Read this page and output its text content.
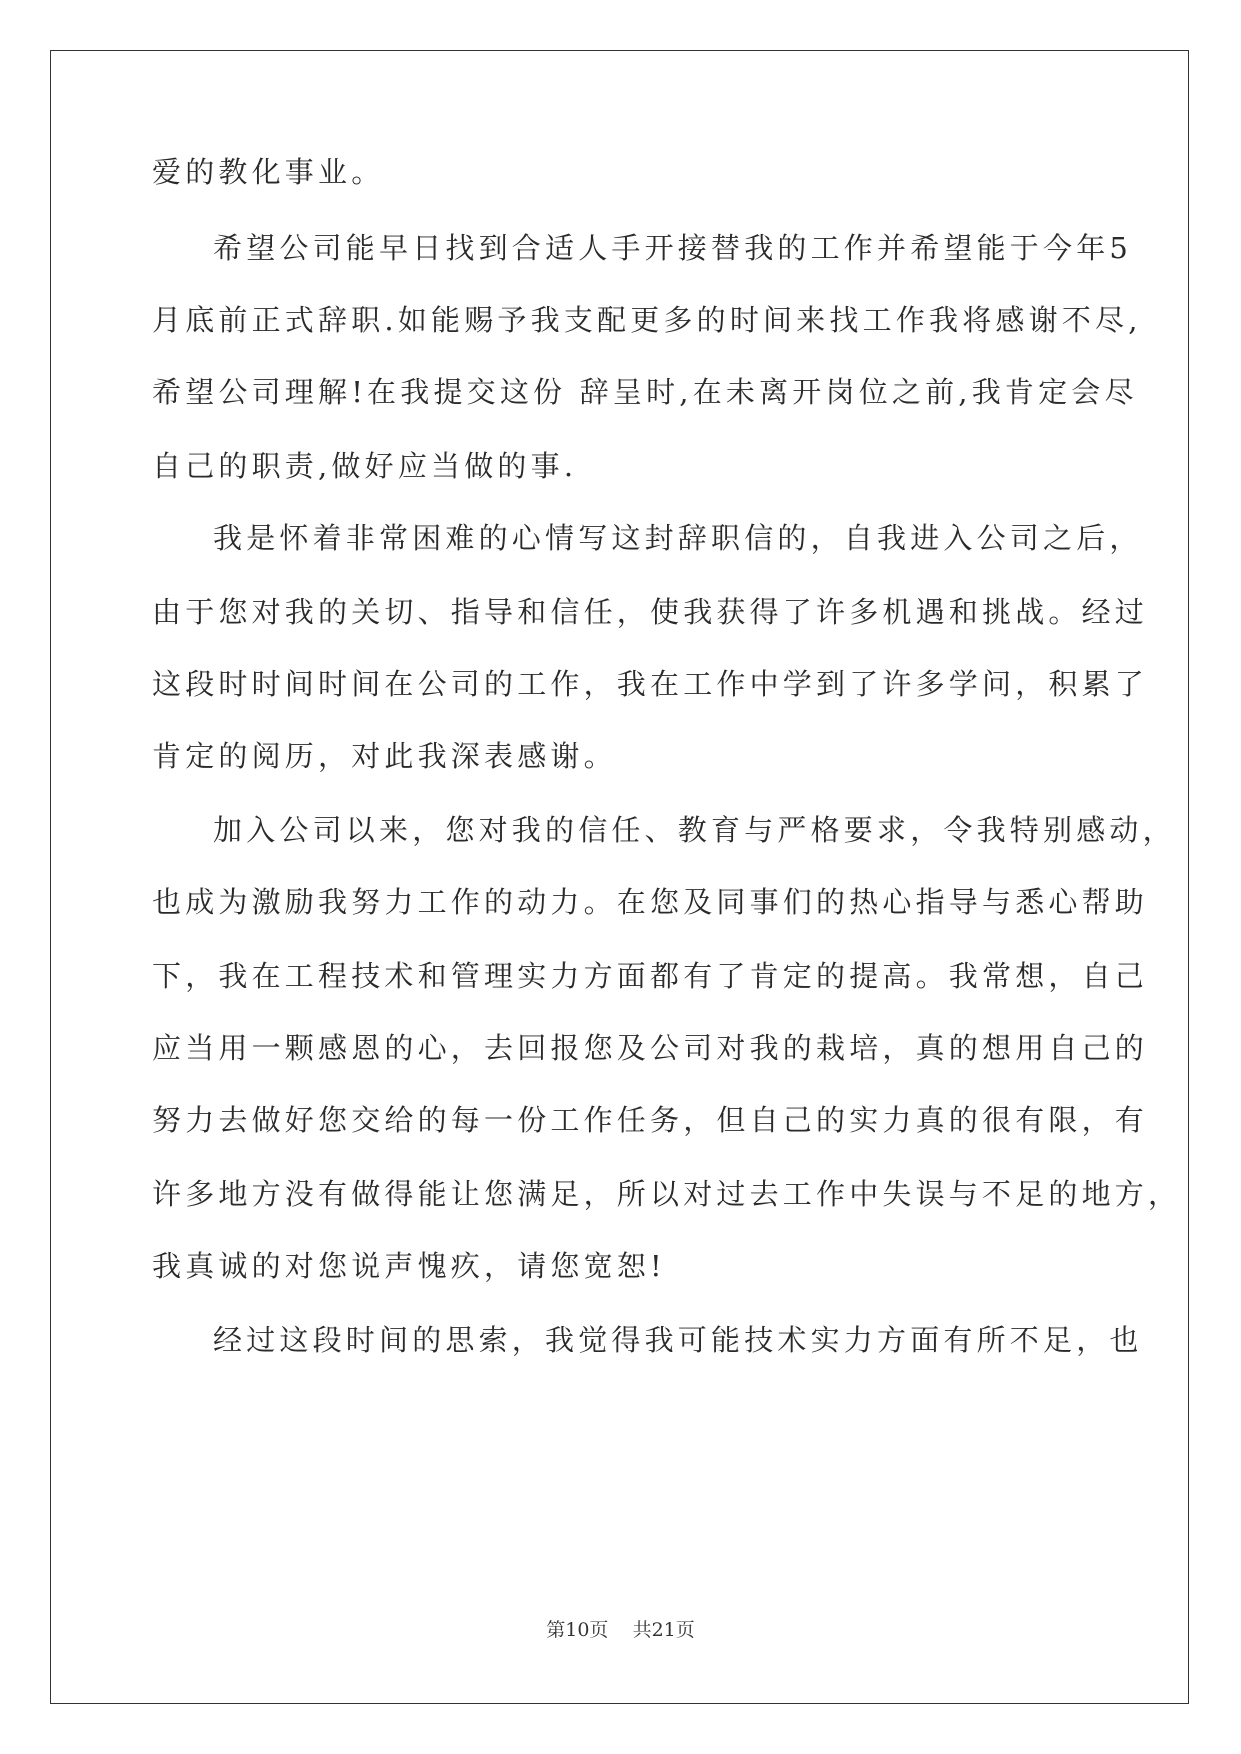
爱的教化事业。

希望公司能早日找到合适人手开接替我的工作并希望能于今年5

月底前正式辞职.如能赐予我支配更多的时间来找工作我将感谢不尽,

希望公司理解!在我提交这份 辞呈时,在未离开岗位之前,我肯定会尽

自己的职责,做好应当做的事.

我是怀着非常困难的心情写这封辞职信的，自我进入公司之后，

由于您对我的关切、指导和信任，使我获得了许多机遇和挑战。经过

这段时时间时间在公司的工作，我在工作中学到了许多学问，积累了

肯定的阅历，对此我深表感谢。

加入公司以来，您对我的信任、教育与严格要求，令我特别感动，

也成为激励我努力工作的动力。在您及同事们的热心指导与悉心帮助

下，我在工程技术和管理实力方面都有了肯定的提高。我常想，自己

应当用一颗感恩的心，去回报您及公司对我的栽培，真的想用自己的

努力去做好您交给的每一份工作任务，但自己的实力真的很有限，有

许多地方没有做得能让您满足，所以对过去工作中失误与不足的地方，

我真诚的对您说声愧疚，请您宽恕!

经过这段时间的思索，我觉得我可能技术实力方面有所不足，也

第10页    共21页
